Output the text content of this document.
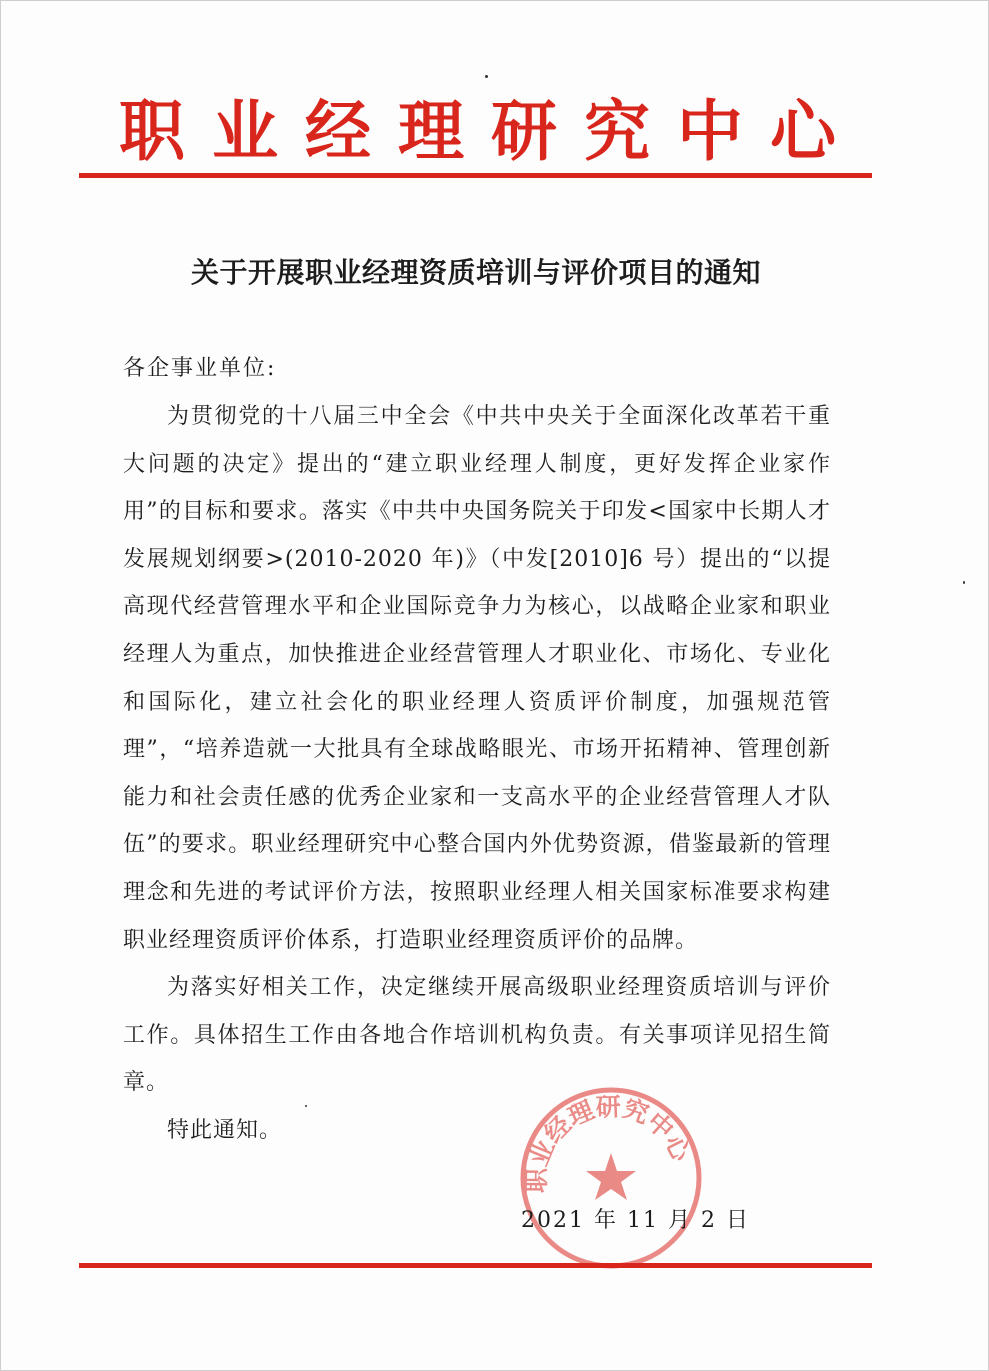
职业经理研究中心
关于开展职业经理资质培训与评价项目的通知
各企事业单位:

为贯彻党的十八届三中全会《中共中央关于全面深化改革若干重大问题的决定》提出的“建立职业经理人制度，更好发挥企业家作用”的目标和要求。落实《中共中央国务院关于印发<国家中长期人才发展规划纲要>(2010-2020 年)》（中发[2010]6 号）提出的“以提高现代经营管理水平和企业国际竞争力为核心，以战略企业家和职业经理人为重点，加快推进企业经营管理人才职业化、市场化、专业化和国际化，建立社会化的职业经理人资质评价制度，加强规范管理”，“培养造就一大批具有全球战略眼光、市场开拓精神、管理创新能力和社会责任感的优秀企业家和一支高水平的企业经营管理人才队伍”的要求。职业经理研究中心整合国内外优势资源，借鉴最新的管理理念和先进的考试评价方法，按照职业经理人相关国家标准要求构建职业经理资质评价体系，打造职业经理资质评价的品牌。

为落实好相关工作，决定继续开展高级职业经理资质培训与评价工作。具体招生工作由各地合作培训机构负责。有关事项详见招生简章。

特此通知。

职业经理研究中心
2021 年 11 月 2 日
